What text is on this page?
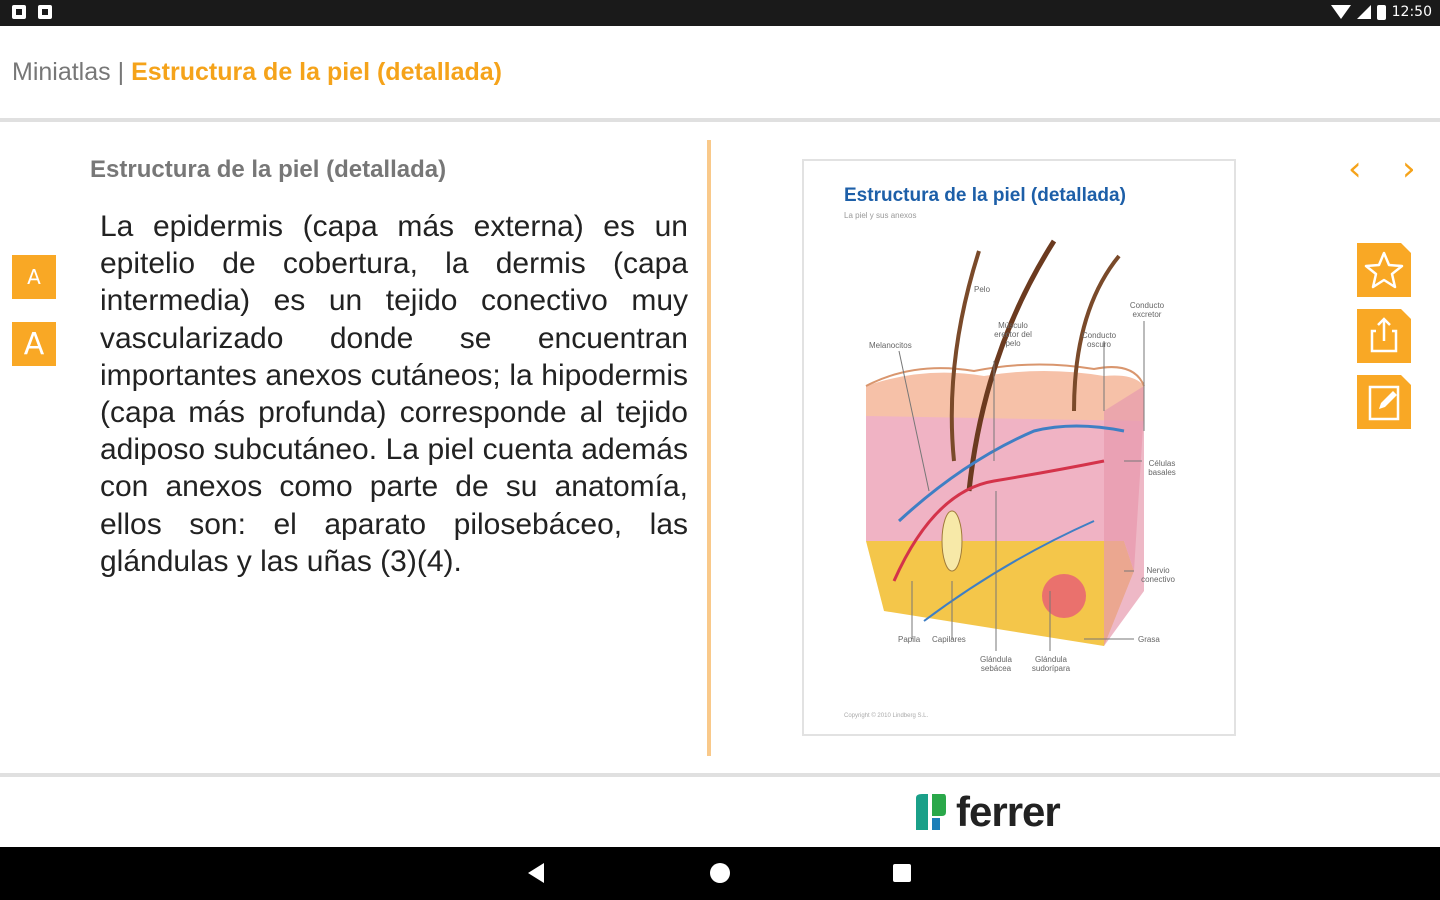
12:50
Miniatlas | Estructura de la piel (detallada)
A
A
Estructura de la piel (detallada)
La epidermis (capa más externa) es un epitelio de cobertura, la dermis (capa intermedia) es un tejido conectivo muy vascularizado donde se encuentran importantes anexos cutáneos; la hipodermis (capa más profunda) corresponde al tejido adiposo subcutáneo. La piel cuenta además con anexos como parte de su anatomía, ellos son: el aparato pilosebáceo, las glándulas y las uñas (3)(4).
Estructura de la piel (detallada)
La piel y sus anexos
Pelo
Melanocitos
Músculo erector del pelo
Conducto oscuro
Conducto excretor
Células basales
Nervio conectivo
Grasa
Papila Capilares
Glándula sebácea
Glándula sudorípara
Copyright © 2010 Lindberg S.L.
‹ ›
ferrer
